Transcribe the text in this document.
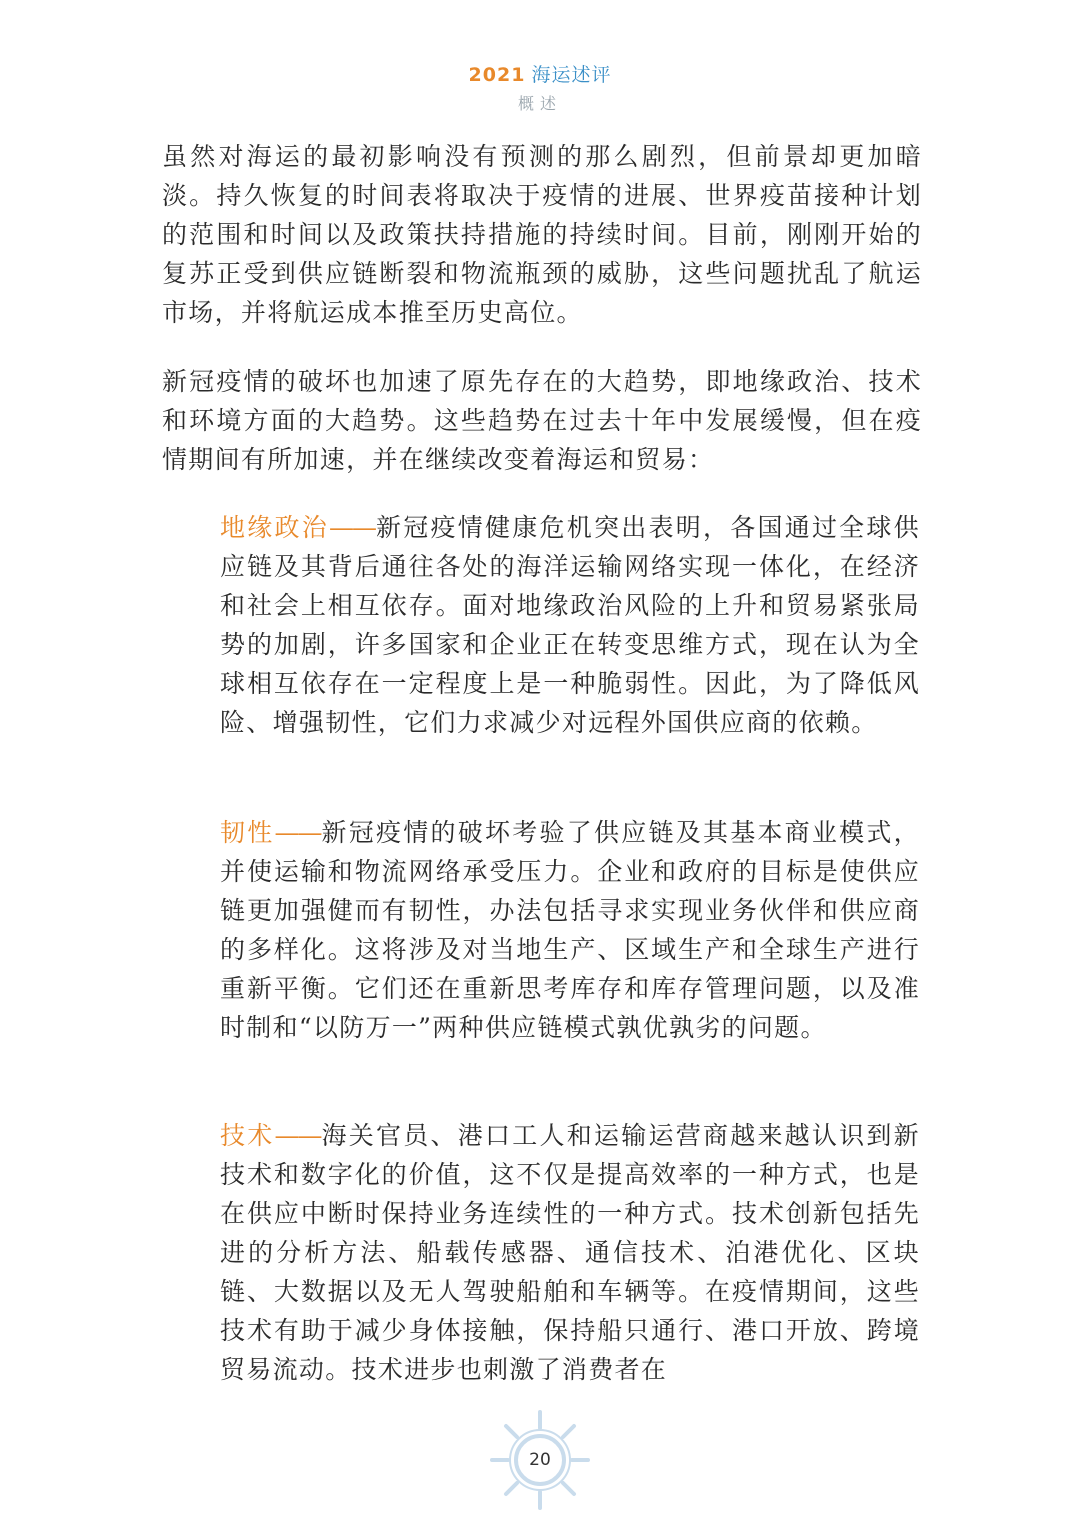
2021 海运述评
概述

虽然对海运的最初影响没有预测的那么剧烈，但前景却更加暗淡。持久恢复的时间表将取决于疫情的进展、世界疫苗接种计划的范围和时间以及政策扶持措施的持续时间。目前，刚刚开始的复苏正受到供应链断裂和物流瓶颈的威胁，这些问题扰乱了航运市场，并将航运成本推至历史高位。

新冠疫情的破坏也加速了原先存在的大趋势，即地缘政治、技术和环境方面的大趋势。这些趋势在过去十年中发展缓慢，但在疫情期间有所加速，并在继续改变着海运和贸易：

地缘政治——新冠疫情健康危机突出表明，各国通过全球供应链及其背后通往各处的海洋运输网络实现一体化，在经济和社会上相互依存。面对地缘政治风险的上升和贸易紧张局势的加剧，许多国家和企业正在转变思维方式，现在认为全球相互依存在一定程度上是一种脆弱性。因此，为了降低风险、增强韧性，它们力求减少对远程外国供应商的依赖。

韧性——新冠疫情的破坏考验了供应链及其基本商业模式，并使运输和物流网络承受压力。企业和政府的目标是使供应链更加强健而有韧性，办法包括寻求实现业务伙伴和供应商的多样化。这将涉及对当地生产、区域生产和全球生产进行重新平衡。它们还在重新思考库存和库存管理问题，以及准时制和“以防万一”两种供应链模式孰优孰劣的问题。

技术——海关官员、港口工人和运输运营商越来越认识到新技术和数字化的价值，这不仅是提高效率的一种方式，也是在供应中断时保持业务连续性的一种方式。技术创新包括先进的分析方法、船载传感器、通信技术、泊港优化、区块链、大数据以及无人驾驶船舶和车辆等。在疫情期间，这些技术有助于减少身体接触，保持船只通行、港口开放、跨境贸易流动。技术进步也刺激了消费者在

20
